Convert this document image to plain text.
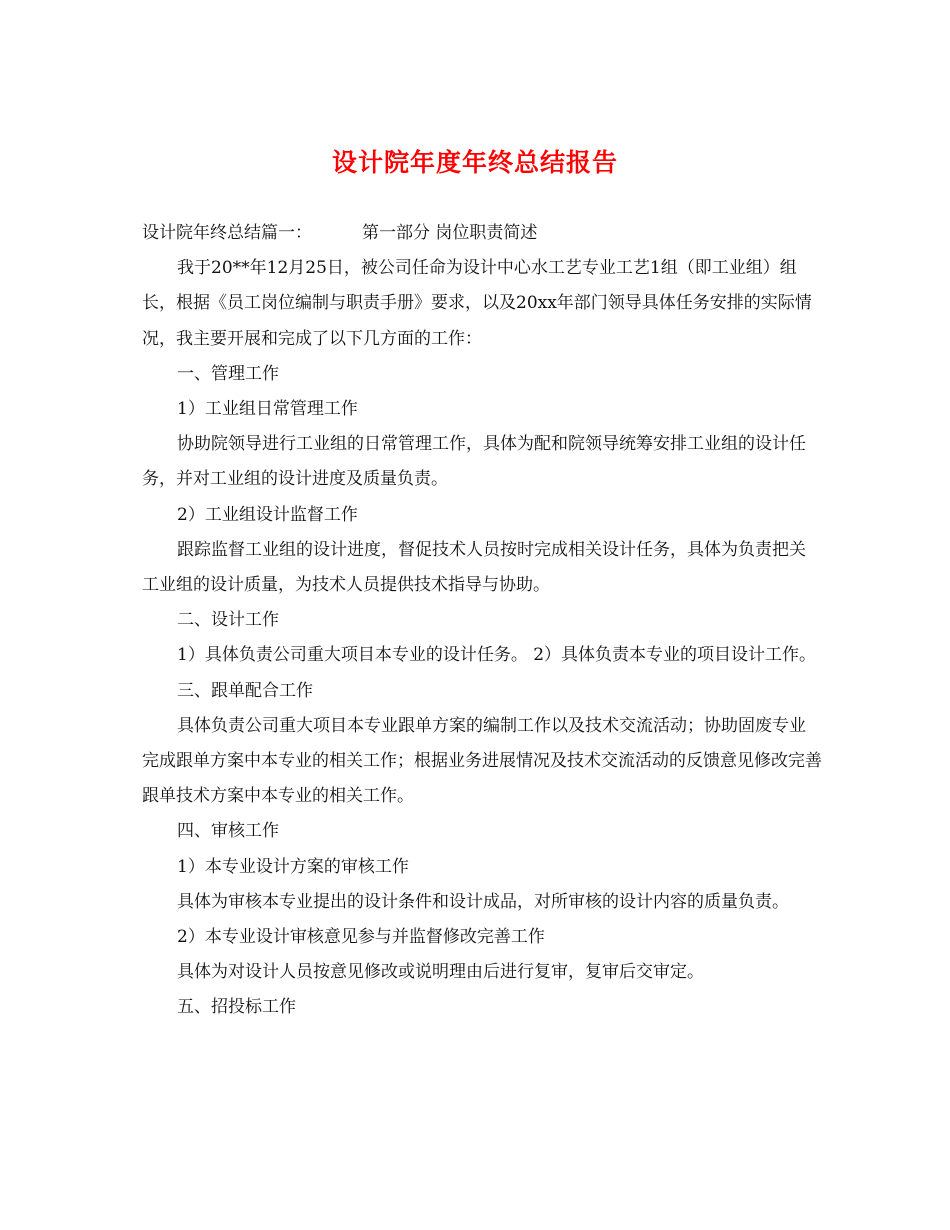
设计院年度年终总结报告

设计院年终总结篇一：	第一部分 岗位职责简述

我于20**年12月25日，被公司任命为设计中心水工艺专业工艺1组（即工业组）组长，根据《员工岗位编制与职责手册》要求，以及20xx年部门领导具体任务安排的实际情况，我主要开展和完成了以下几方面的工作：

一、管理工作

1）工业组日常管理工作

协助院领导进行工业组的日常管理工作，具体为配和院领导统筹安排工业组的设计任务，并对工业组的设计进度及质量负责。

2）工业组设计监督工作

跟踪监督工业组的设计进度，督促技术人员按时完成相关设计任务，具体为负责把关工业组的设计质量，为技术人员提供技术指导与协助。

二、设计工作

1）具体负责公司重大项目本专业的设计任务。 2）具体负责本专业的项目设计工作。

三、跟单配合工作

具体负责公司重大项目本专业跟单方案的编制工作以及技术交流活动；协助固废专业完成跟单方案中本专业的相关工作；根据业务进展情况及技术交流活动的反馈意见修改完善跟单技术方案中本专业的相关工作。

四、审核工作

1）本专业设计方案的审核工作

具体为审核本专业提出的设计条件和设计成品，对所审核的设计内容的质量负责。

2）本专业设计审核意见参与并监督修改完善工作

具体为对设计人员按意见修改或说明理由后进行复审，复审后交审定。

五、招投标工作
